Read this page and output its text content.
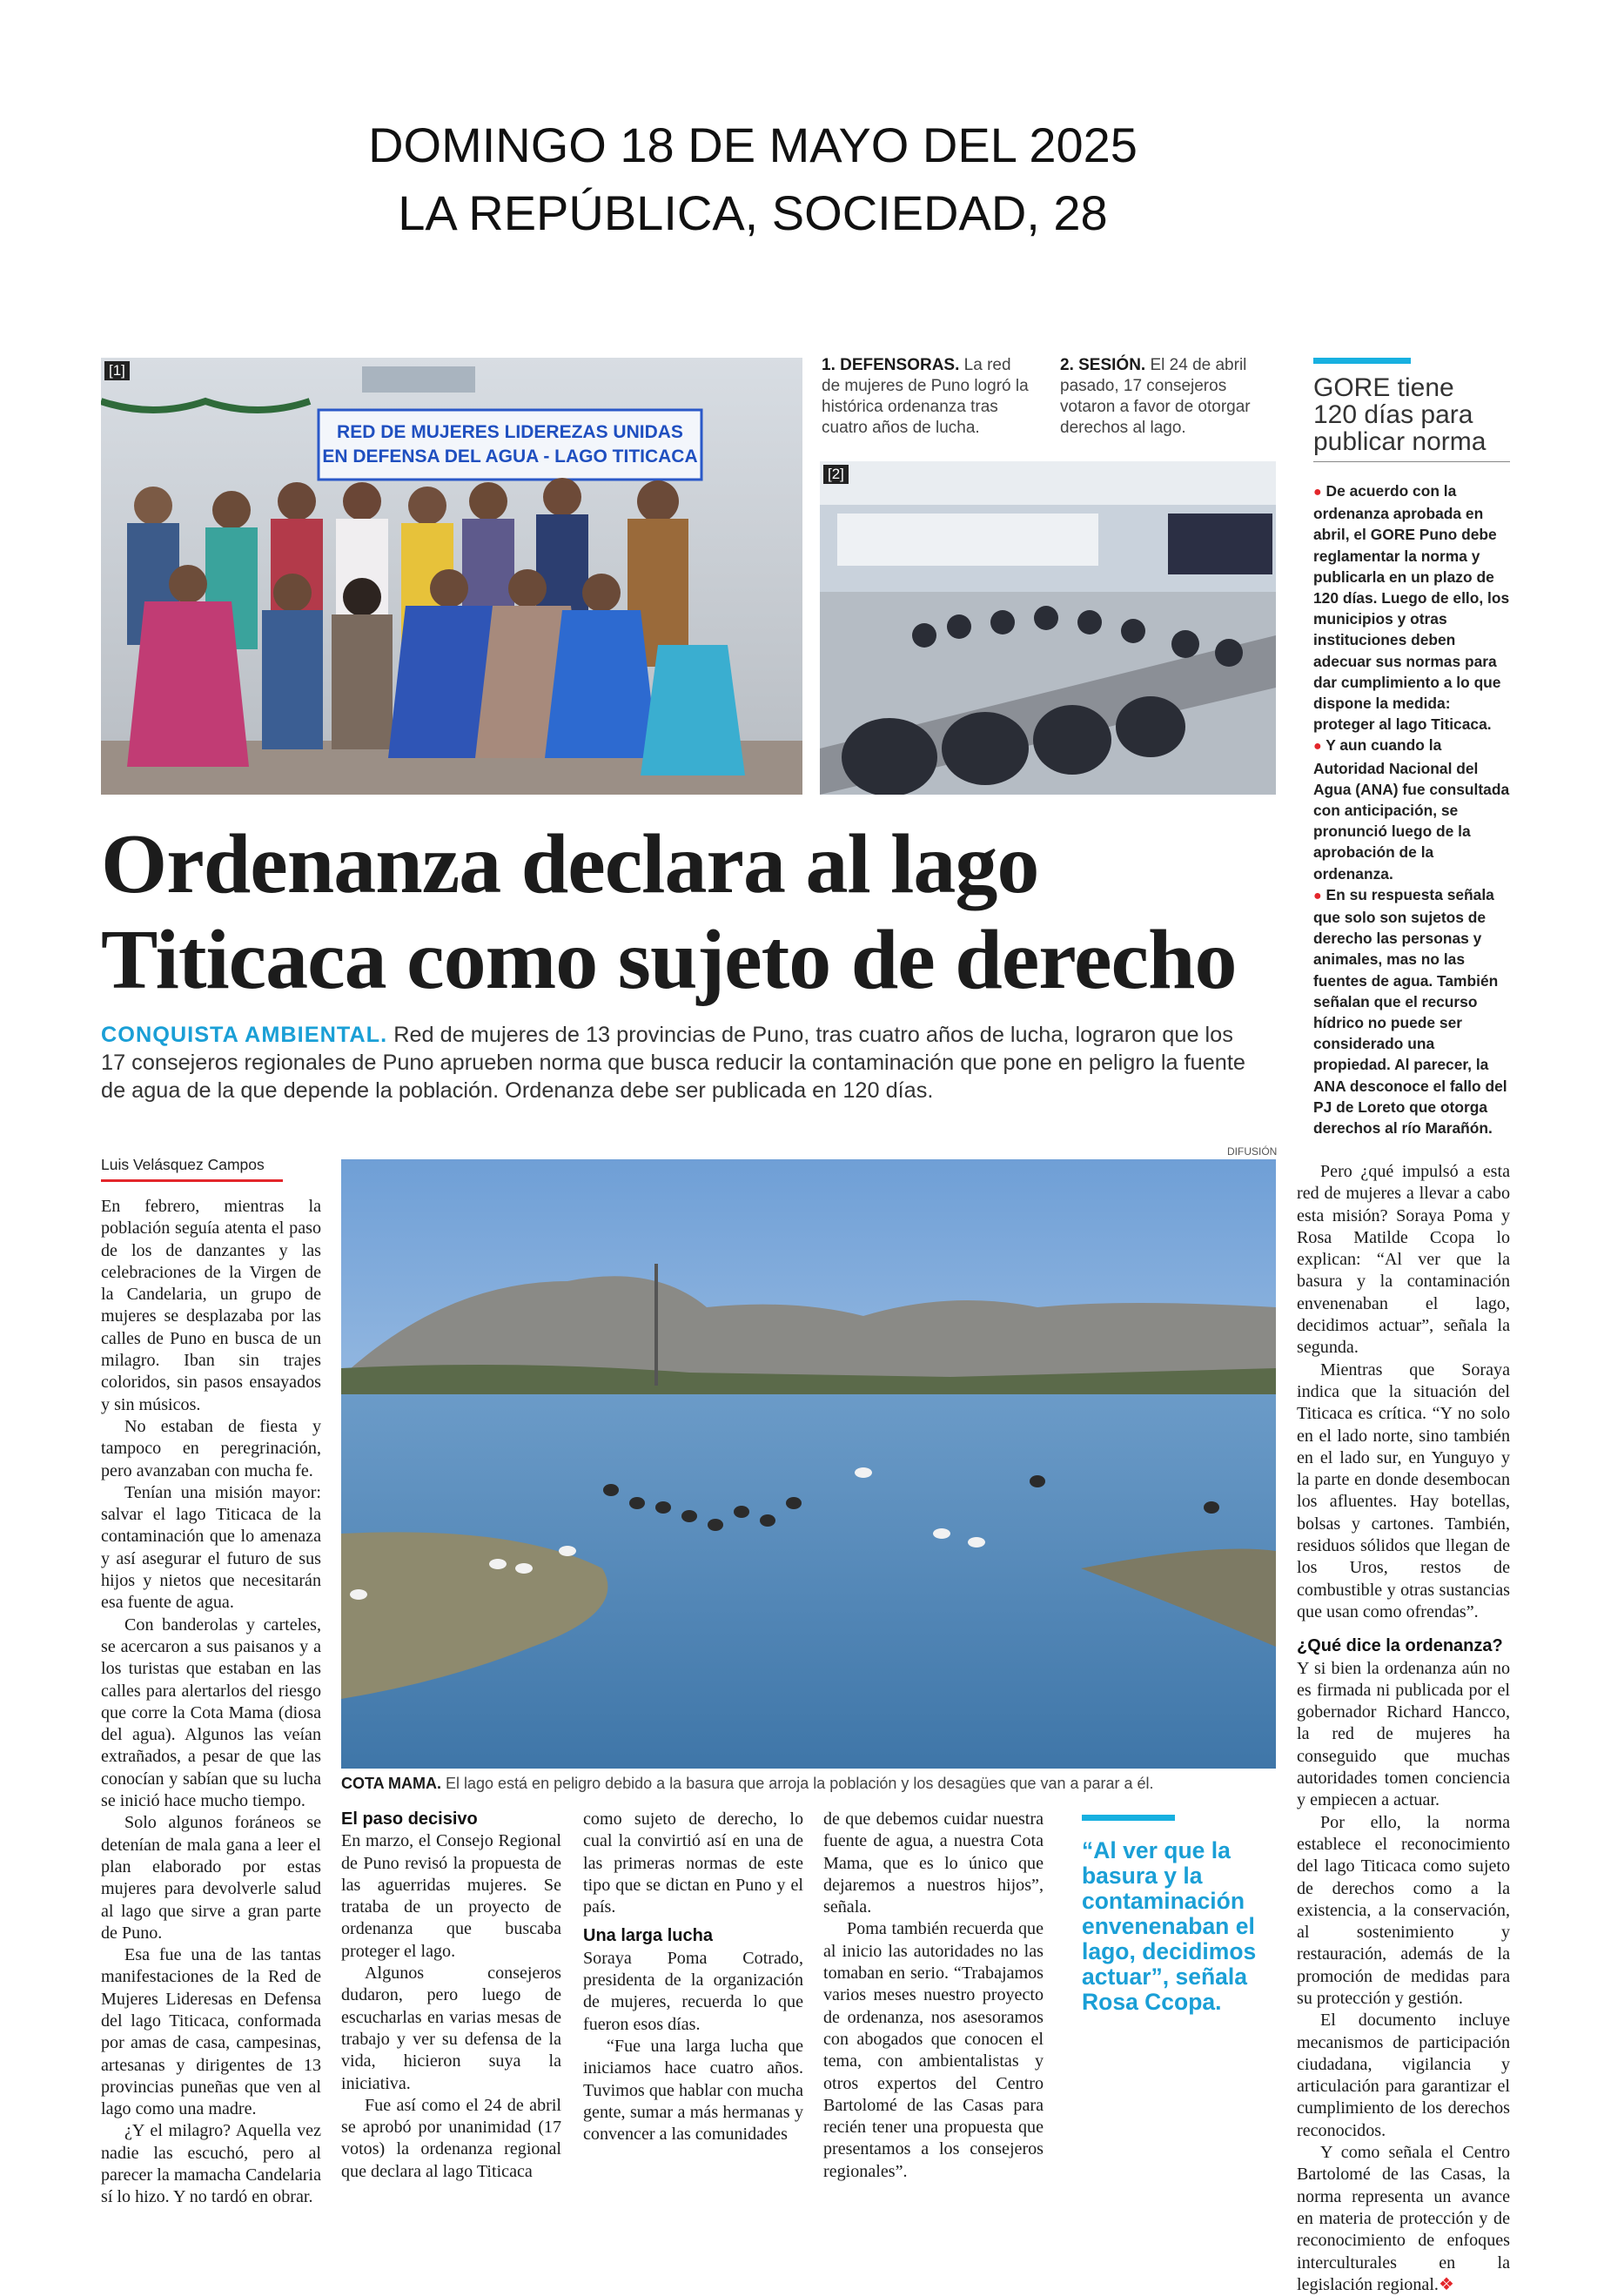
DOMINGO 18 DE MAYO DEL 2025
LA REPÚBLICA, SOCIEDAD, 28
RED DE MUJERES LIDEREZAS UNIDAS
EN DEFENSA DEL AGUA - LAGO TITICACA
[1]	1. DEFENSORAS. La red de mujeres de Puno logró la histórica ordenanza tras cuatro años de lucha.
2. SESIÓN. El 24 de abril pasado, 17 consejeros votaron a favor de otorgar derechos al lago.
[2]
GORE tiene
120 días para
publicar norma
● De acuerdo con la ordenanza aprobada en abril, el GORE Puno debe reglamentar la norma y publicarla en un plazo de 120 días. Luego de ello, los municipios y otras instituciones deben adecuar sus normas para dar cumplimiento a lo que dispone la medida: proteger al lago Titicaca.
● Y aun cuando la Autoridad Nacional del Agua (ANA) fue consultada con anticipación, se pronunció luego de la aprobación de la ordenanza.
● En su respuesta señala que solo son sujetos de derecho las personas y animales, mas no las fuentes de agua. También señalan que el recurso hídrico no puede ser considerado una propiedad. Al parecer, la ANA desconoce el fallo del PJ de Loreto que otorga derechos al río Marañón.
Ordenanza declara al lago
Titicaca como sujeto de derecho
CONQUISTA AMBIENTAL. Red de mujeres de 13 provincias de Puno, tras cuatro años de lucha, lograron que los 17 consejeros regionales de Puno aprueben norma que busca reducir la contaminación que pone en peligro la fuente de agua de la que depende la población. Ordenanza debe ser publicada en 120 días.
Luis Velásquez Campos

En febrero, mientras la población seguía atenta el paso de los de danzantes y las celebraciones de la Virgen de la Candelaria, un grupo de mujeres se desplazaba por las calles de Puno en busca de un milagro. Iban sin trajes coloridos, sin pasos ensayados y sin músicos.

No estaban de fiesta y tampoco en peregrinación, pero avanzaban con mucha fe.

Tenían una misión mayor: salvar el lago Titicaca de la contaminación que lo amenaza y así asegurar el futuro de sus hijos y nietos que necesitarán esa fuente de agua.

Con banderolas y carteles, se acercaron a sus paisanos y a los turistas que estaban en las calles para alertarlos del riesgo que corre la Cota Mama (diosa del agua). Algunos las veían extrañados, a pesar de que las conocían y sabían que su lucha se inició hace mucho tiempo.

Solo algunos foráneos se detenían de mala gana a leer el plan elaborado por estas mujeres para devolverle salud al lago que sirve a gran parte de Puno.

Esa fue una de las tantas manifestaciones de la Red de Mujeres Lideresas en Defensa del lago Titicaca, conformada por amas de casa, campesinas, artesanas y dirigentes de 13 provincias puneñas que ven al lago como una madre.

¿Y el milagro? Aquella vez nadie las escuchó, pero al parecer la mamacha Candelaria sí lo hizo. Y no tardó en obrar.

DIFUSIÓN
COTA MAMA. El lago está en peligro debido a la basura que arroja la población y los desagües que van a parar a él.

El paso decisivo

En marzo, el Consejo Regional de Puno revisó la propuesta de las aguerridas mujeres. Se trataba de un proyecto de ordenanza que buscaba proteger el lago.

Algunos consejeros dudaron, pero luego de escucharlas en varias mesas de trabajo y ver su defensa de la vida, hicieron suya la iniciativa.

Fue así como el 24 de abril se aprobó por unanimidad (17 votos) la ordenanza regional que declara al lago Titicaca

como sujeto de derecho, lo cual la convirtió así en una de las primeras normas de este tipo que se dictan en Puno y el país.

Una larga lucha

Soraya Poma Cotrado, presidenta de la organización de mujeres, recuerda lo que fueron esos días.

“Fue una larga lucha que iniciamos hace cuatro años. Tuvimos que hablar con mucha gente, sumar a más hermanas y convencer a las comunidades

de que debemos cuidar nuestra fuente de agua, a nuestra Cota Mama, que es lo único que dejaremos a nuestros hijos”, señala.

Poma también recuerda que al inicio las autoridades no las tomaban en serio. “Trabajamos varios meses nuestro proyecto de ordenanza, nos asesoramos con abogados que conocen el tema, con ambientalistas y otros expertos del Centro Bartolomé de las Casas para recién tener una propuesta que presentamos a los consejeros regionales”.

“Al ver que la basura y la contaminación envenenaban el lago, decidimos actuar”, señala Rosa Ccopa.

Pero ¿qué impulsó a esta red de mujeres a llevar a cabo esta misión? Soraya Poma y Rosa Matilde Ccopa lo explican: “Al ver que la basura y la contaminación envenenaban el lago, decidimos actuar”, señala la segunda.

Mientras que Soraya indica que la situación del Titicaca es crítica. “Y no solo en el lado norte, sino también en el lado sur, en Yunguyo y la parte en donde desembocan los afluentes. Hay botellas, bolsas y cartones. También, residuos sólidos que llegan de los Uros, restos de combustible y otras sustancias que usan como ofrendas”.

¿Qué dice la ordenanza?

Y si bien la ordenanza aún no es firmada ni publicada por el gobernador Richard Hancco, la red de mujeres ha conseguido que muchas autoridades tomen conciencia y empiecen a actuar.

Por ello, la norma establece el reconocimiento del lago Titicaca como sujeto de derechos como a la existencia, a la conservación, al sostenimiento y restauración, además de la promoción de medidas para su protección y gestión.

El documento incluye mecanismos de participación ciudadana, vigilancia y articulación para garantizar el cumplimiento de los derechos reconocidos.

Y como señala el Centro Bartolomé de las Casas, la norma representa un avance en materia de protección y de reconocimiento de enfoques interculturales en la legislación regional.❖
